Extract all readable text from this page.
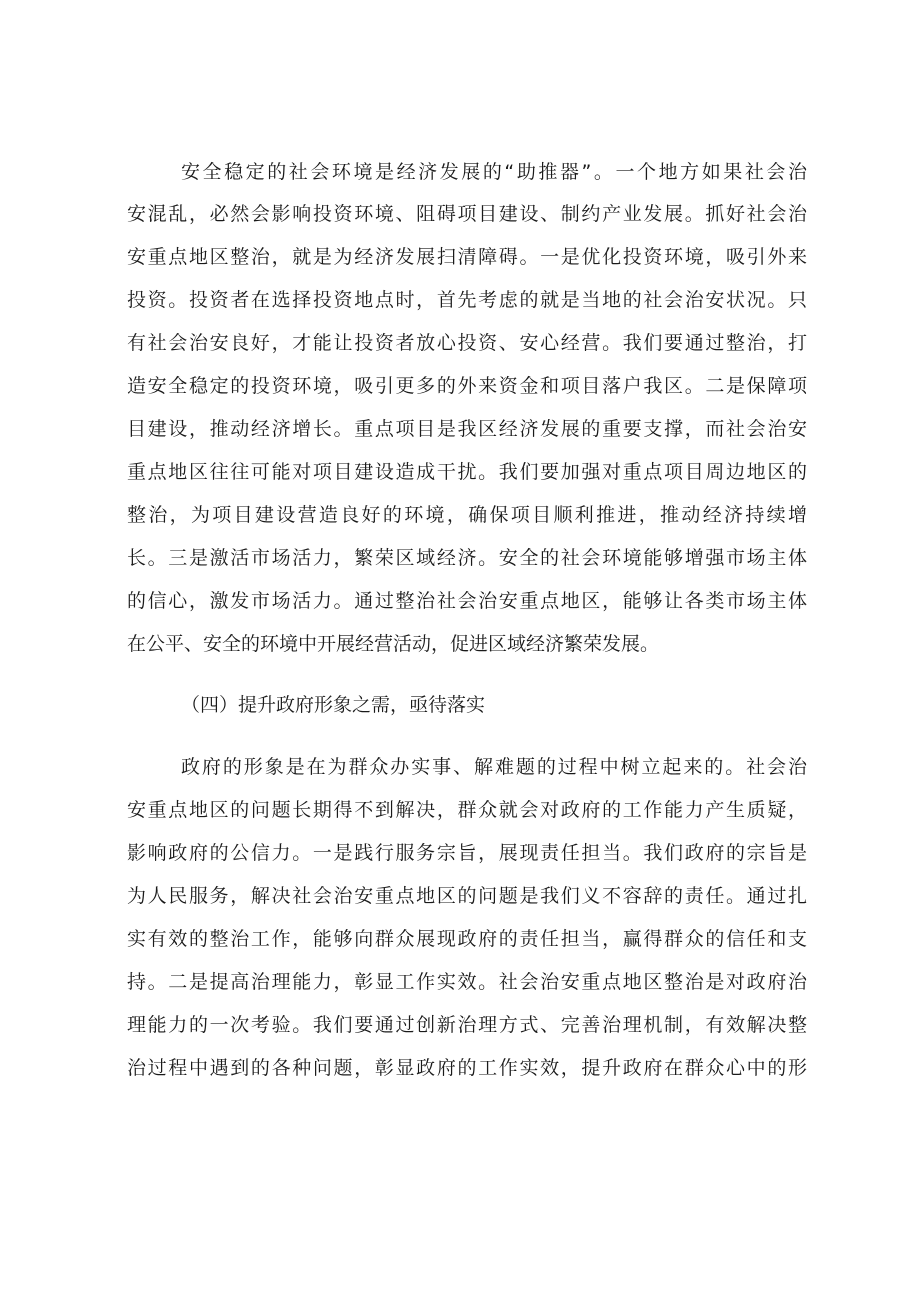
安全稳定的社会环境是经济发展的“助推器”。一个地方如果社会治
安混乱，必然会影响投资环境、阻碍项目建设、制约产业发展。抓好社会治
安重点地区整治，就是为经济发展扫清障碍。一是优化投资环境，吸引外来
投资。投资者在选择投资地点时，首先考虑的就是当地的社会治安状况。只
有社会治安良好，才能让投资者放心投资、安心经营。我们要通过整治，打
造安全稳定的投资环境，吸引更多的外来资金和项目落户我区。二是保障项
目建设，推动经济增长。重点项目是我区经济发展的重要支撑，而社会治安
重点地区往往可能对项目建设造成干扰。我们要加强对重点项目周边地区的
整治，为项目建设营造良好的环境，确保项目顺利推进，推动经济持续增
长。三是激活市场活力，繁荣区域经济。安全的社会环境能够增强市场主体
的信心，激发市场活力。通过整治社会治安重点地区，能够让各类市场主体
在公平、安全的环境中开展经营活动，促进区域经济繁荣发展。
（四）提升政府形象之需，亟待落实
政府的形象是在为群众办实事、解难题的过程中树立起来的。社会治
安重点地区的问题长期得不到解决，群众就会对政府的工作能力产生质疑，
影响政府的公信力。一是践行服务宗旨，展现责任担当。我们政府的宗旨是
为人民服务，解决社会治安重点地区的问题是我们义不容辞的责任。通过扎
实有效的整治工作，能够向群众展现政府的责任担当，赢得群众的信任和支
持。二是提高治理能力，彰显工作实效。社会治安重点地区整治是对政府治
理能力的一次考验。我们要通过创新治理方式、完善治理机制，有效解决整
治过程中遇到的各种问题，彰显政府的工作实效，提升政府在群众心中的形
